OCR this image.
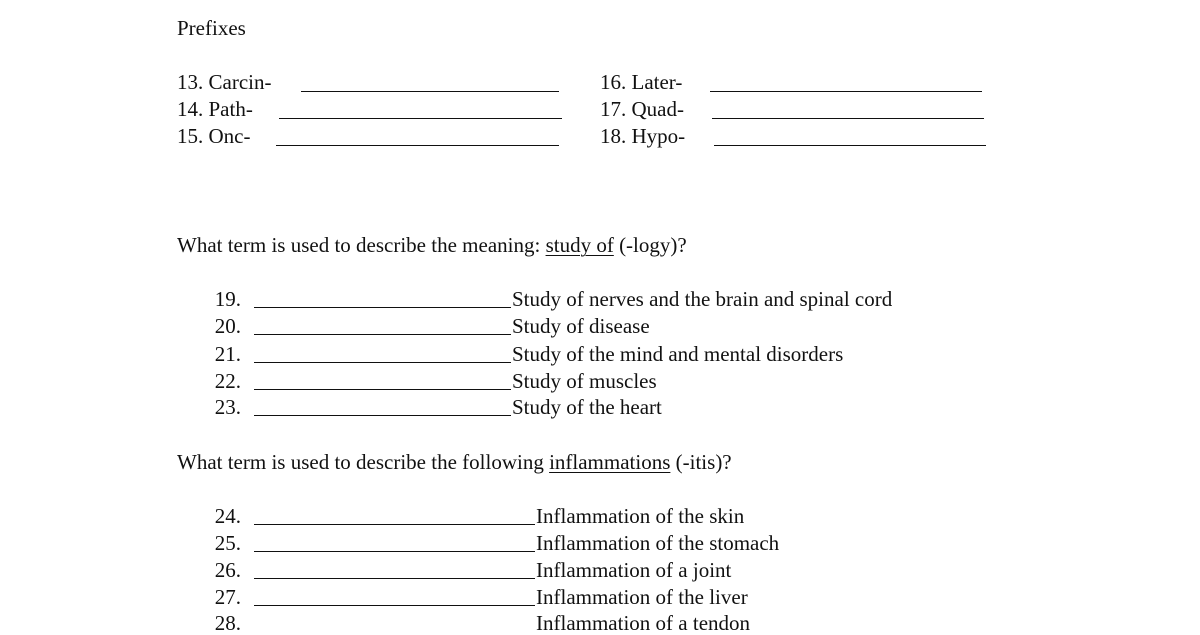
Prefixes
13. Carcin-
14. Path-
15. Onc-
16. Later-
17. Quad-
18. Hypo-
What term is used to describe the meaning: study of (-logy)?
19.	Study of nerves and the brain and spinal cord
20.	Study of disease
21.	Study of the mind and mental disorders
22.	Study of muscles
23.	Study of the heart
What term is used to describe the following inflammations (-itis)?
24.	Inflammation of the skin
25.	Inflammation of the stomach
26.	Inflammation of a joint
27.	Inflammation of the liver
28.	Inflammation of a tendon
